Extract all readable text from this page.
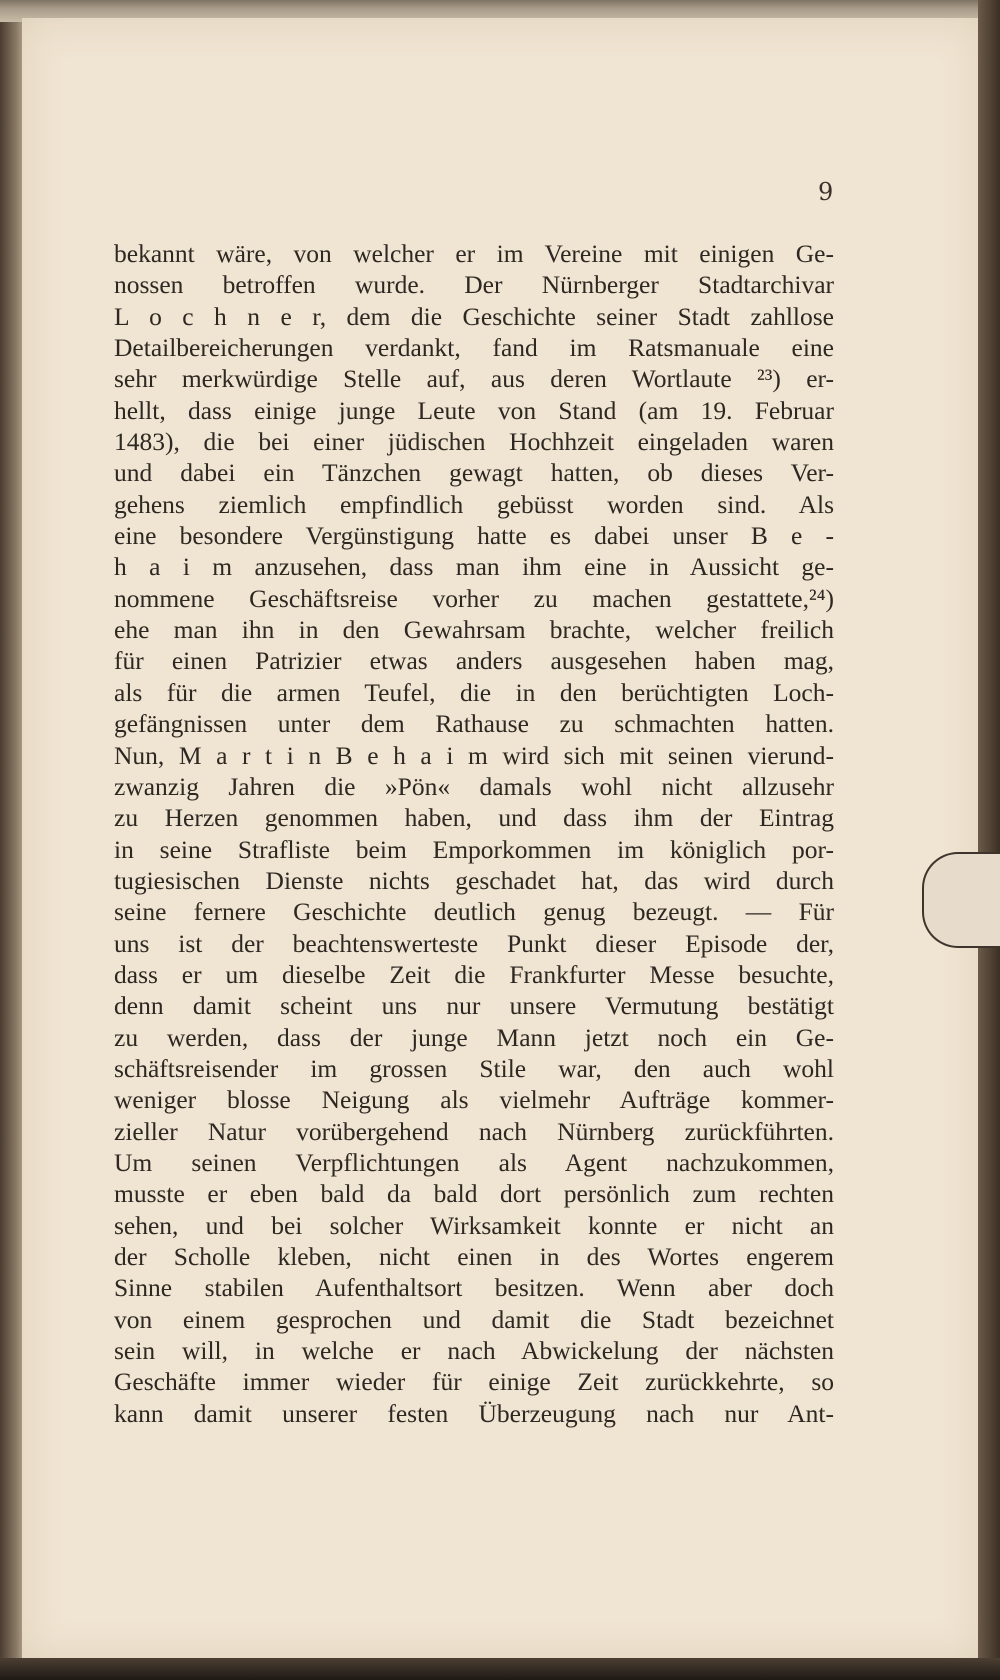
9

bekannt wäre, von welcher er im Vereine mit einigen Ge-
nossen betroffen wurde. Der Nürnberger Stadtarchivar
L o c h n e r, dem die Geschichte seiner Stadt zahllose
Detailbereicherungen verdankt, fand im Ratsmanuale eine
sehr merkwürdige Stelle auf, aus deren Wortlaute ²³) er-
hellt, dass einige junge Leute von Stand (am 19. Februar
1483), die bei einer jüdischen Hochhzeit eingeladen waren
und dabei ein Tänzchen gewagt hatten, ob dieses Ver-
gehens ziemlich empfindlich gebüsst worden sind. Als
eine besondere Vergünstigung hatte es dabei unser B e -
h a i m anzusehen, dass man ihm eine in Aussicht ge-
nommene Geschäftsreise vorher zu machen gestattete,²⁴)
ehe man ihn in den Gewahrsam brachte, welcher freilich
für einen Patrizier etwas anders ausgesehen haben mag,
als für die armen Teufel, die in den berüchtigten Loch-
gefängnissen unter dem Rathause zu schmachten hatten.
Nun, M a r t i n B e h a i m wird sich mit seinen vierund-
zwanzig Jahren die »Pön« damals wohl nicht allzusehr
zu Herzen genommen haben, und dass ihm der Eintrag
in seine Strafliste beim Emporkommen im königlich por-
tugiesischen Dienste nichts geschadet hat, das wird durch
seine fernere Geschichte deutlich genug bezeugt. — Für
uns ist der beachtenswerteste Punkt dieser Episode der,
dass er um dieselbe Zeit die Frankfurter Messe besuchte,
denn damit scheint uns nur unsere Vermutung bestätigt
zu werden, dass der junge Mann jetzt noch ein Ge-
schäftsreisender im grossen Stile war, den auch wohl
weniger blosse Neigung als vielmehr Aufträge kommer-
zieller Natur vorübergehend nach Nürnberg zurückführten.
Um seinen Verpflichtungen als Agent nachzukommen,
musste er eben bald da bald dort persönlich zum rechten
sehen, und bei solcher Wirksamkeit konnte er nicht an
der Scholle kleben, nicht einen in des Wortes engerem
Sinne stabilen Aufenthaltsort besitzen. Wenn aber doch
von einem gesprochen und damit die Stadt bezeichnet
sein will, in welche er nach Abwickelung der nächsten
Geschäfte immer wieder für einige Zeit zurückkehrte, so
kann damit unserer festen Überzeugung nach nur Ant-
